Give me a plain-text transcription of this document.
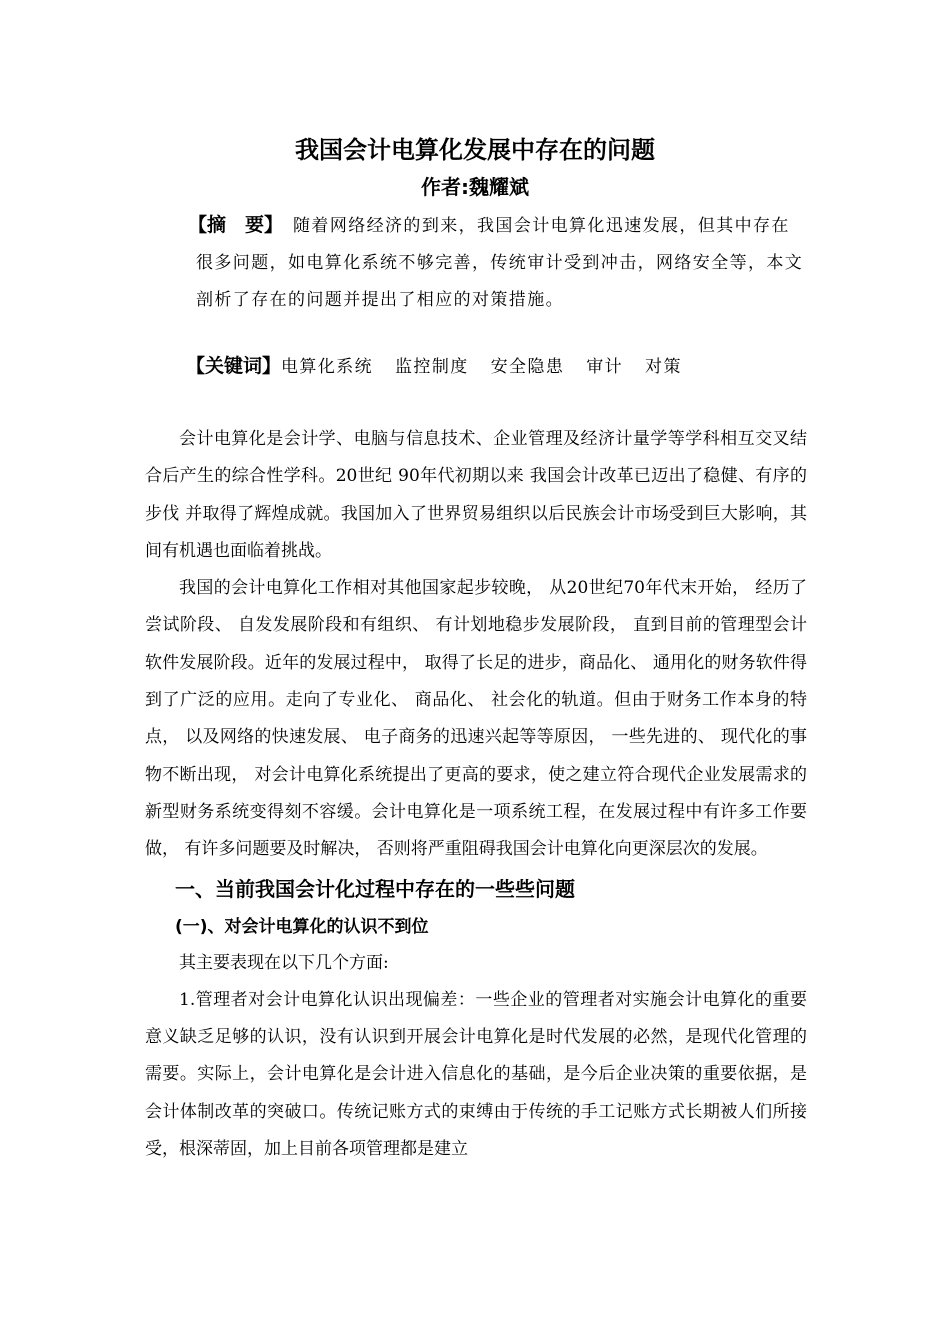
我国会计电算化发展中存在的问题
作者:魏耀斌

【摘　要】 随着网络经济的到来，我国会计电算化迅速发展，但其中存在很多问题，如电算化系统不够完善，传统审计受到冲击，网络安全等，本文剖析了存在的问题并提出了相应的对策措施。

【关键词】电算化系统 监控制度 安全隐患 审计 对策

会计电算化是会计学、电脑与信息技术、企业管理及经济计量学等学科相互交叉结合后产生的综合性学科。20世纪 90年代初期以来 我国会计改革已迈出了稳健、有序的步伐 并取得了辉煌成就。我国加入了世界贸易组织以后民族会计市场受到巨大影响，其间有机遇也面临着挑战。

我国的会计电算化工作相对其他国家起步较晚， 从20世纪70年代末开始， 经历了尝试阶段、 自发发展阶段和有组织、 有计划地稳步发展阶段， 直到目前的管理型会计软件发展阶段。近年的发展过程中， 取得了长足的进步，商品化、 通用化的财务软件得到了广泛的应用。走向了专业化、 商品化、 社会化的轨道。但由于财务工作本身的特点， 以及网络的快速发展、 电子商务的迅速兴起等等原因， 一些先进的、 现代化的事物不断出现， 对会计电算化系统提出了更高的要求，使之建立符合现代企业发展需求的新型财务系统变得刻不容缓。会计电算化是一项系统工程，在发展过程中有许多工作要做， 有许多问题要及时解决， 否则将严重阻碍我国会计电算化向更深层次的发展。

一、当前我国会计化过程中存在的一些些问题
(一)、对会计电算化的认识不到位

其主要表现在以下几个方面:

1.管理者对会计电算化认识出现偏差：一些企业的管理者对实施会计电算化的重要意义缺乏足够的认识，没有认识到开展会计电算化是时代发展的必然，是现代化管理的需要。实际上，会计电算化是会计进入信息化的基础，是今后企业决策的重要依据，是会计体制改革的突破口。传统记账方式的束缚由于传统的手工记账方式长期被人们所接受，根深蒂固，加上目前各项管理都是建立
